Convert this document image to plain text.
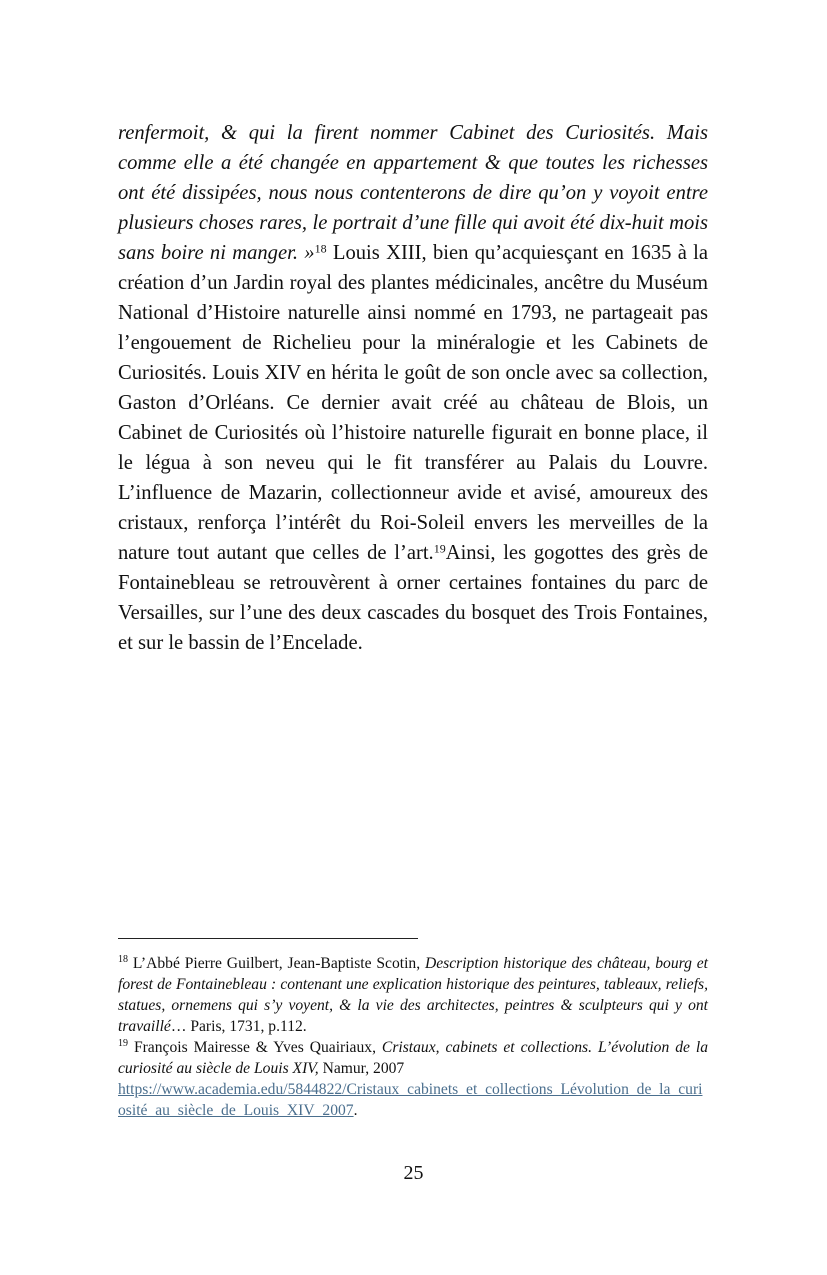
renfermoit, & qui la firent nommer Cabinet des Curiosités. Mais comme elle a été changée en appartement & que toutes les richesses ont été dissipées, nous nous contenterons de dire qu’on y voyoit entre plusieurs choses rares, le portrait d’une fille qui avoit été dix-huit mois sans boire ni manger. »$^{18}$ Louis XIII, bien qu’acquiesçant en 1635 à la création d’un Jardin royal des plantes médicinales, ancêtre du Muséum National d’Histoire naturelle ainsi nommé en 1793, ne partageait pas l’engouement de Richelieu pour la minéralogie et les Cabinets de Curiosités. Louis XIV en hérita le goût de son oncle avec sa collection, Gaston d’Orléans. Ce dernier avait créé au château de Blois, un Cabinet de Curiosités où l’histoire naturelle figurait en bonne place, il le légua à son neveu qui le fit transférer au Palais du Louvre. L’influence de Mazarin, collectionneur avide et avisé, amoureux des cristaux, renforça l’intérêt du Roi-Soleil envers les merveilles de la nature tout autant que celles de l’art.$^{19}$Ainsi, les gogottes des grès de Fontainebleau se retrouvèrent à orner certaines fontaines du parc de Versailles, sur l’une des deux cascades du bosquet des Trois Fontaines, et sur le bassin de l’Encelade.

$^{18}$ L’Abbé Pierre Guilbert, Jean-Baptiste Scotin, Description historique des château, bourg et forest de Fontainebleau : contenant une explication historique des peintures, tableaux, reliefs, statues, ornemens qui s’y voyent, & la vie des architectes, peintres & sculpteurs qui y ont travaillé… Paris, 1731, p.112.

$^{19}$ François Mairesse & Yves Quairiaux, Cristaux, cabinets et collections. L’évolution de la curiosité au siècle de Louis XIV, Namur, 2007
https://www.academia.edu/5844822/Cristaux_cabinets_et_collections_Lévolution_de_la_curiosité_au_siècle_de_Louis_XIV_2007.

25
